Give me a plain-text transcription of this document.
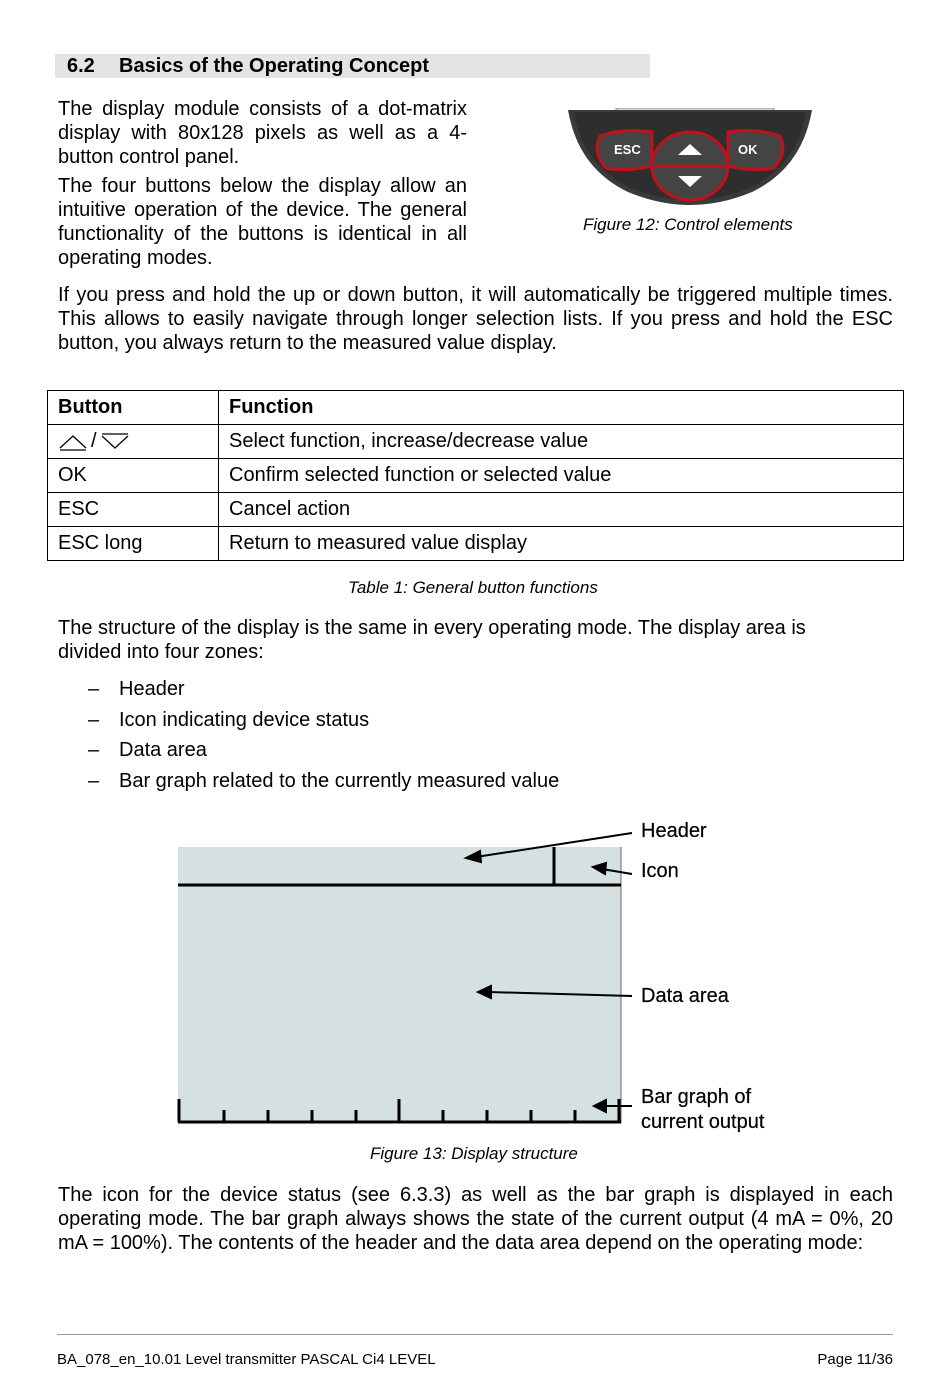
6.2 Basics of the Operating Concept
The display module consists of a dot-matrix display with 80x128 pixels as well as a 4-button control panel.
The four buttons below the display allow an intuitive operation of the device. The general functionality of the buttons is identical in all operating modes.
ESC	OK
Figure 12: Control elements
If you press and hold the up or down button, it will automatically be triggered multiple times. This allows to easily navigate through longer selection lists. If you press and hold the ESC button, you always return to the measured value display.
Button	Function
/	Select function, increase/decrease value
OK	Confirm selected function or selected value
ESC	Cancel action
ESC long	Return to measured value display
Table 1: General button functions
The structure of the display is the same in every operating mode. The display area is divided into four zones:
– Header
– Icon indicating device status
– Data area
– Bar graph related to the currently measured value
Header
Icon
Data area
Bar graph of
current output
Figure 13: Display structure
The icon for the device status (see 6.3.3) as well as the bar graph is displayed in each operating mode. The bar graph always shows the state of the current output (4 mA = 0%, 20 mA = 100%). The contents of the header and the data area depend on the operating mode:
BA_078_en_10.01 Level transmitter PASCAL Ci4 LEVEL	Page 11/36
